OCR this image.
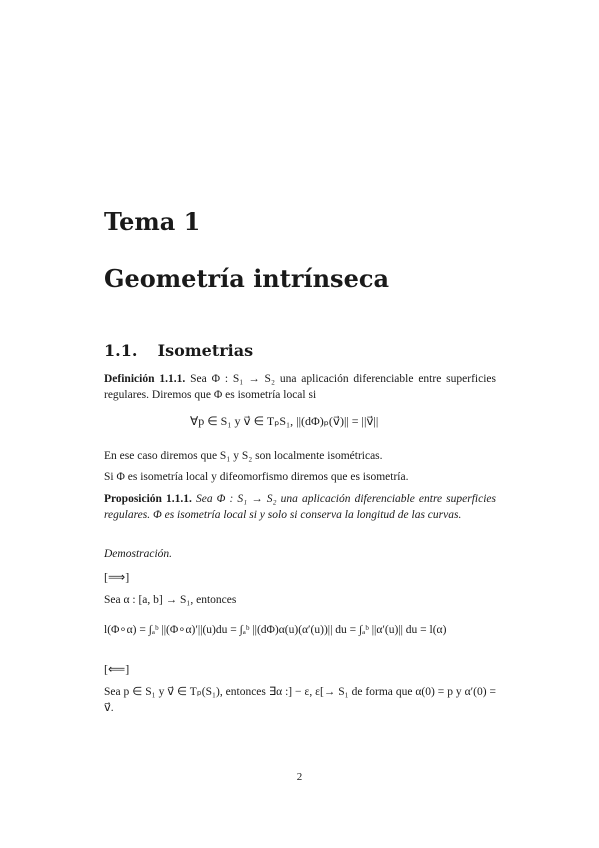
Tema 1
Geometría intrínseca
1.1. Isometrias
Definición 1.1.1. Sea Φ : S₁ → S₂ una aplicación diferenciable entre superficies regulares. Diremos que Φ es isometría local si
∀p ∈ S₁ y v⃗ ∈ TₚS₁, ||(dΦ)ₚ(v⃗)|| = ||v⃗||
En ese caso diremos que S₁ y S₂ son localmente isométricas.
Si Φ es isometría local y difeomorfismo diremos que es isometría.
Proposición 1.1.1. Sea Φ : S₁ → S₂ una aplicación diferenciable entre superficies regulares. Φ es isometría local si y solo si conserva la longitud de las curvas.
Demostración.
[⟹]
Sea α : [a, b] → S₁, entonces
l(Φ∘α) = ∫ₐᵇ ||(Φ∘α)′||(u)du = ∫ₐᵇ ||(dΦ)α(u)(α′(u))|| du = ∫ₐᵇ ||α′(u)|| du = l(α)
[⟸]
Sea p ∈ S₁ y v⃗ ∈ Tₚ(S₁), entonces ∃α :] − ε, ε[→ S₁ de forma que α(0) = p y α′(0) = v⃗.
2
